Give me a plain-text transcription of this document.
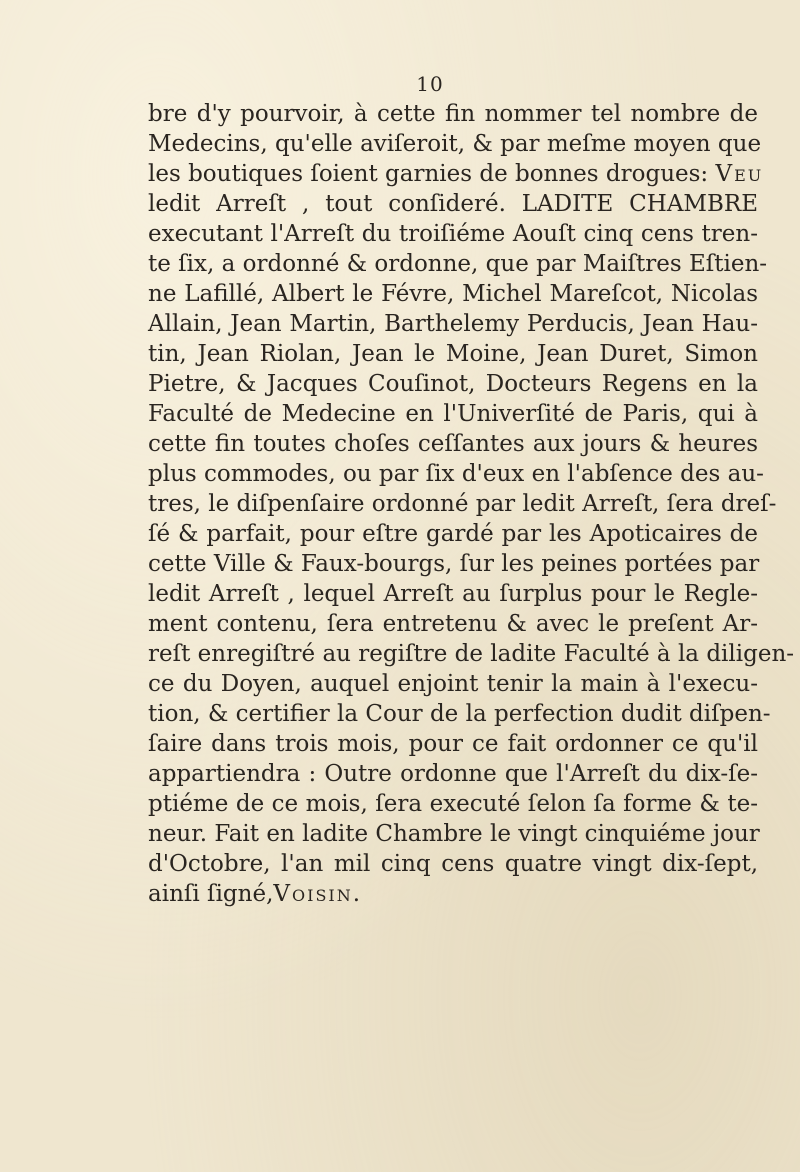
10
bre d'y pourvoir, à cette fin nommer tel nombre de
Medecins, qu'elle aviſeroit, & par meſme moyen que
les boutiques ſoient garnies de bonnes drogues: Veu
ledit Arreſt , tout conſideré. LADITE CHAMBRE
executant l'Arreſt du troiſiéme Aouſt cinq cens tren-
te ſix, a ordonné & ordonne, que par Maiſtres Eſtien-
ne Lafillé, Albert le Févre, Michel Mareſcot, Nicolas
Allain, Jean Martin, Barthelemy Perducis, Jean Hau-
tin, Jean Riolan, Jean le Moine, Jean Duret, Simon
Pietre, & Jacques Couſinot, Docteurs Regens en la
Faculté de Medecine en l'Univerſité de Paris, qui à
cette fin toutes choſes ceſſantes aux jours & heures
plus commodes, ou par ſix d'eux en l'abſence des au-
tres, le diſpenſaire ordonné par ledit Arreſt, ſera dreſ-
ſé & parfait, pour eſtre gardé par les Apoticaires de
cette Ville & Faux-bourgs, ſur les peines portées par
ledit Arreſt , lequel Arreſt au ſurplus pour le Regle-
ment contenu, ſera entretenu & avec le preſent Ar-
reſt enregiſtré au regiſtre de ladite Faculté à la diligen-
ce du Doyen, auquel enjoint tenir la main à l'execu-
tion, & certifier la Cour de la perfection dudit diſpen-
ſaire dans trois mois, pour ce fait ordonner ce qu'il
appartiendra : Outre ordonne que l'Arreſt du dix-ſe-
ptiéme de ce mois, ſera executé ſelon ſa forme & te-
neur. Fait en ladite Chambre le vingt cinquiéme jour
d'Octobre, l'an mil cinq cens quatre vingt dix-ſept,
ainſi ſigné,Voisin.
